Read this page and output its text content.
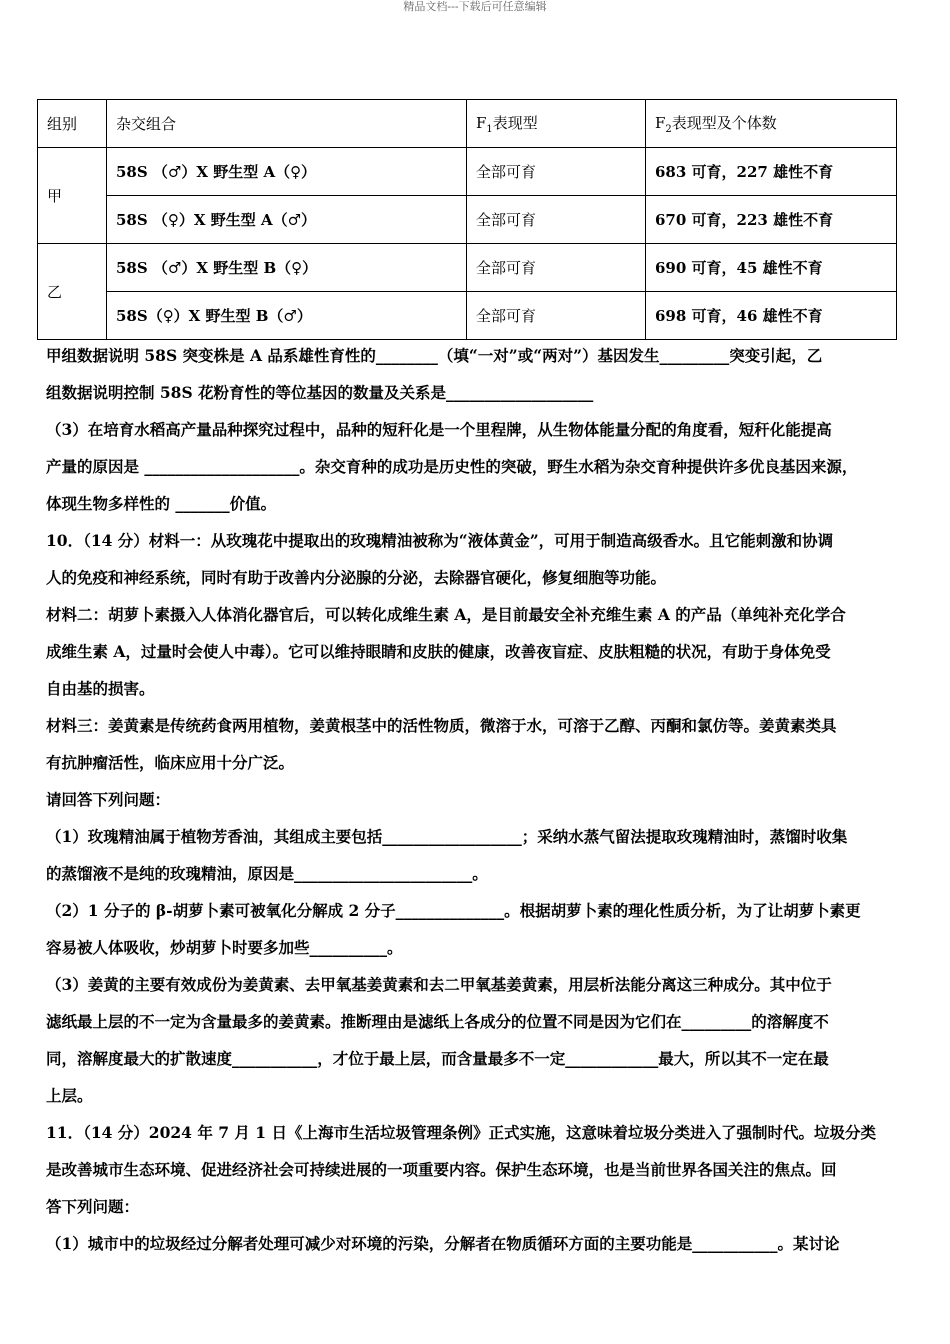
精品文档---下载后可任意编辑
组别	杂交组合	$F_1$表现型	$F_2$表现型及个体数
甲	58S （♂）X 野生型 A（♀）	全部可育	683 可育，227 雄性不育
	58S （♀）X 野生型 A（♂）	全部可育	670 可育，223 雄性不育
乙	58S （♂）X 野生型 B（♀）	全部可育	690 可育，45 雄性不育
	58S（♀）X 野生型 B（♂）	全部可育	698 可育，46 雄性不育

甲组数据说明 58S 突变株是 A 品系雄性育性的________（填“一对”或“两对”）基因发生_________突变引起，乙

组数据说明控制 58S 花粉育性的等位基因的数量及关系是___________________

（3）在培育水稻高产量品种探究过程中，品种的短秆化是一个里程牌，从生物体能量分配的角度看，短秆化能提高

产量的原因是 ____________________。杂交育种的成功是历史性的突破，野生水稻为杂交育种提供许多优良基因来源，

体现生物多样性的 _______价值。

10．（14 分）材料一：从玫瑰花中提取出的玫瑰精油被称为“液体黄金”，可用于制造高级香水。且它能刺激和协调

人的免疫和神经系统，同时有助于改善内分泌腺的分泌，去除器官硬化，修复细胞等功能。

材料二：胡萝卜素摄入人体消化器官后，可以转化成维生素 A，是目前最安全补充维生素 A 的产品（单纯补充化学合

成维生素 A，过量时会使人中毒）。它可以维持眼睛和皮肤的健康，改善夜盲症、皮肤粗糙的状况，有助于身体免受

自由基的损害。

材料三：姜黄素是传统药食两用植物，姜黄根茎中的活性物质，微溶于水，可溶于乙醇、丙酮和氯仿等。姜黄素类具

有抗肿瘤活性，临床应用十分广泛。

请回答下列问题：

（1）玫瑰精油属于植物芳香油，其组成主要包括__________________；采纳水蒸气留法提取玫瑰精油时，蒸馏时收集

的蒸馏液不是纯的玫瑰精油，原因是_______________________。

（2）1 分子的 β-胡萝卜素可被氧化分解成 2 分子______________。根据胡萝卜素的理化性质分析，为了让胡萝卜素更

容易被人体吸收，炒胡萝卜时要多加些__________。

（3）姜黄的主要有效成份为姜黄素、去甲氧基姜黄素和去二甲氧基姜黄素，用层析法能分离这三种成分。其中位于

滤纸最上层的不一定为含量最多的姜黄素。推断理由是滤纸上各成分的位置不同是因为它们在_________的溶解度不

同，溶解度最大的扩散速度___________，才位于最上层，而含量最多不一定____________最大，所以其不一定在最

上层。

11．（14 分）2024 年 7 月 1 日《上海市生活垃圾管理条例》正式实施，这意味着垃圾分类进入了强制时代。垃圾分类

是改善城市生态环境、促进经济社会可持续进展的一项重要内容。保护生态环境，也是当前世界各国关注的焦点。回

答下列问题：

（1）城市中的垃圾经过分解者处理可减少对环境的污染，分解者在物质循环方面的主要功能是___________。某讨论
